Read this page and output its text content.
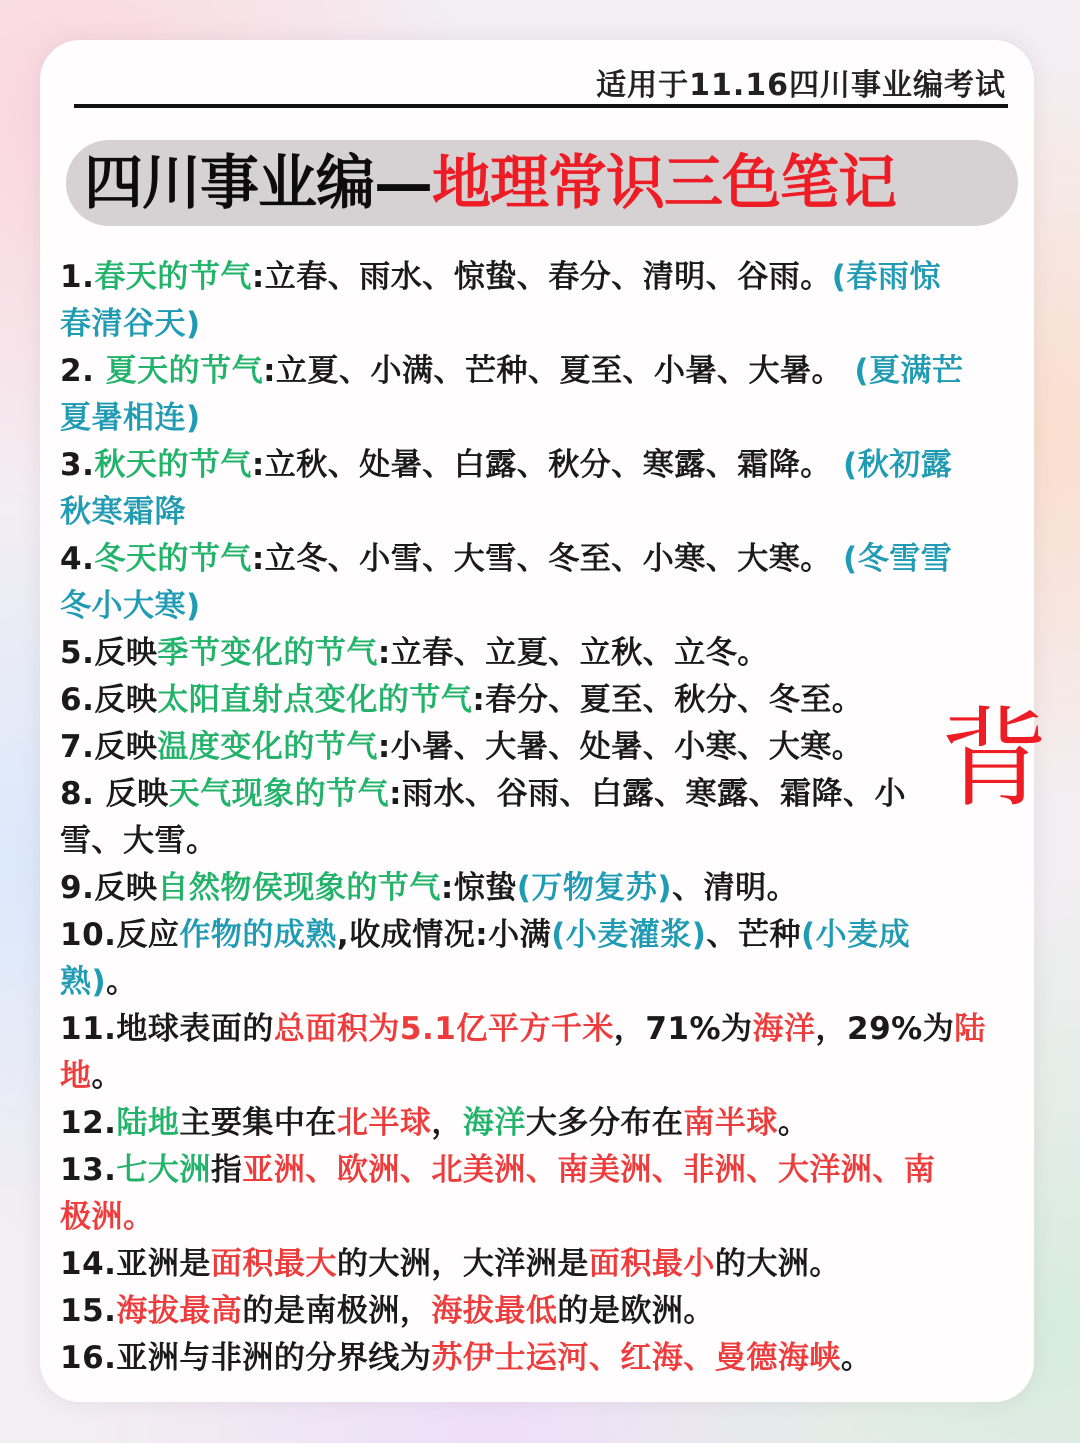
适用于11.16四川事业编考试
四川事业编—地理常识三色笔记
1.春天的节气:立春、雨水、惊蛰、春分、清明、谷雨。(春雨惊
春清谷天)
2. 夏天的节气:立夏、小满、芒种、夏至、小暑、大暑。 (夏满芒
夏暑相连)
3.秋天的节气:立秋、处暑、白露、秋分、寒露、霜降。 (秋初露
秋寒霜降
4.冬天的节气:立冬、小雪、大雪、冬至、小寒、大寒。 (冬雪雪
冬小大寒)
5.反映季节变化的节气:立春、立夏、立秋、立冬。
6.反映太阳直射点变化的节气:春分、夏至、秋分、冬至。
7.反映温度变化的节气:小暑、大暑、处暑、小寒、大寒。
8. 反映天气现象的节气:雨水、谷雨、白露、寒露、霜降、小
雪、大雪。
9.反映自然物侯现象的节气:惊蛰(万物复苏)、清明。
10.反应作物的成熟,收成情况:小满(小麦灌浆)、芒种(小麦成
熟)。
11.地球表面的总面积为5.1亿平方千米，71%为海洋，29%为陆
地。
12.陆地主要集中在北半球，海洋大多分布在南半球。
13.七大洲指亚洲、欧洲、北美洲、南美洲、非洲、大洋洲、南
极洲。
14.亚洲是面积最大的大洲，大洋洲是面积最小的大洲。
15.海拔最高的是南极洲，海拔最低的是欧洲。
16.亚洲与非洲的分界线为苏伊士运河、红海、曼德海峡。
背
